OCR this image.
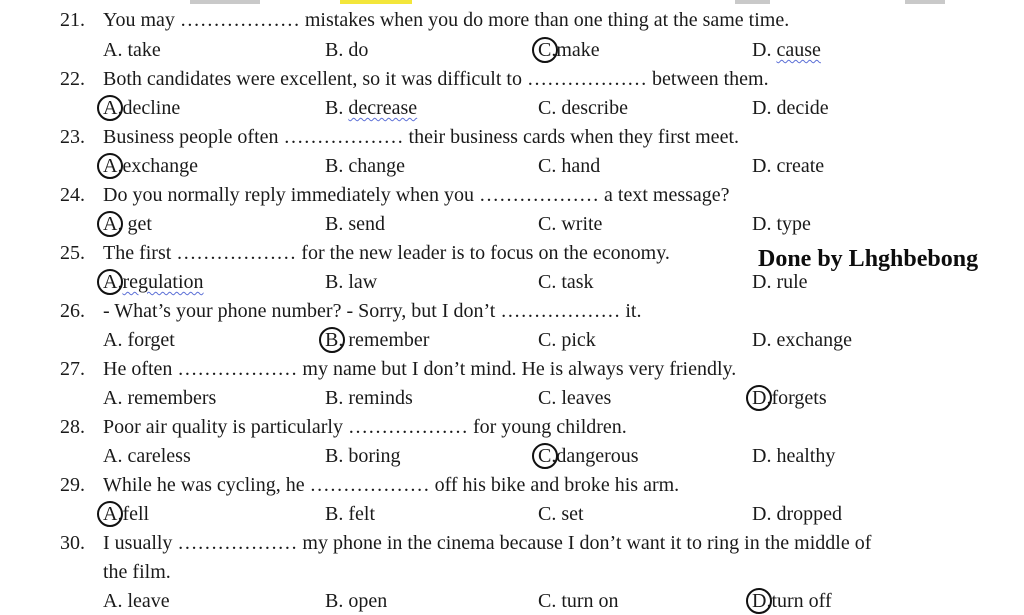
21. You may ……………… mistakes when you do more than one thing at the same time.
A. take	B. do	C.make	D. cause
22. Both candidates were excellent, so it was difficult to ……………… between them.
A.decline	B. decrease	C. describe	D. decide
23. Business people often ……………… their business cards when they first meet.
A.exchange	B. change	C. hand	D. create
24. Do you normally reply immediately when you ……………… a text message?
A. get	B. send	C. write	D. type
25. The first ……………… for the new leader is to focus on the economy.
A.regulation	B. law	C. task	D. rule
Done by Lhghbebong
26. - What’s your phone number? - Sorry, but I don’t ……………… it.
A. forget	B. remember	C. pick	D. exchange
27. He often ……………… my name but I don’t mind. He is always very friendly.
A. remembers	B. reminds	C. leaves	D.forgets
28. Poor air quality is particularly ……………… for young children.
A. careless	B. boring	C.dangerous	D. healthy
29. While he was cycling, he ……………… off his bike and broke his arm.
A.fell	B. felt	C. set	D. dropped
30. I usually ……………… my phone in the cinema because I don’t want it to ring in the middle of
the film.
A. leave	B. open	C. turn on	D.turn off
